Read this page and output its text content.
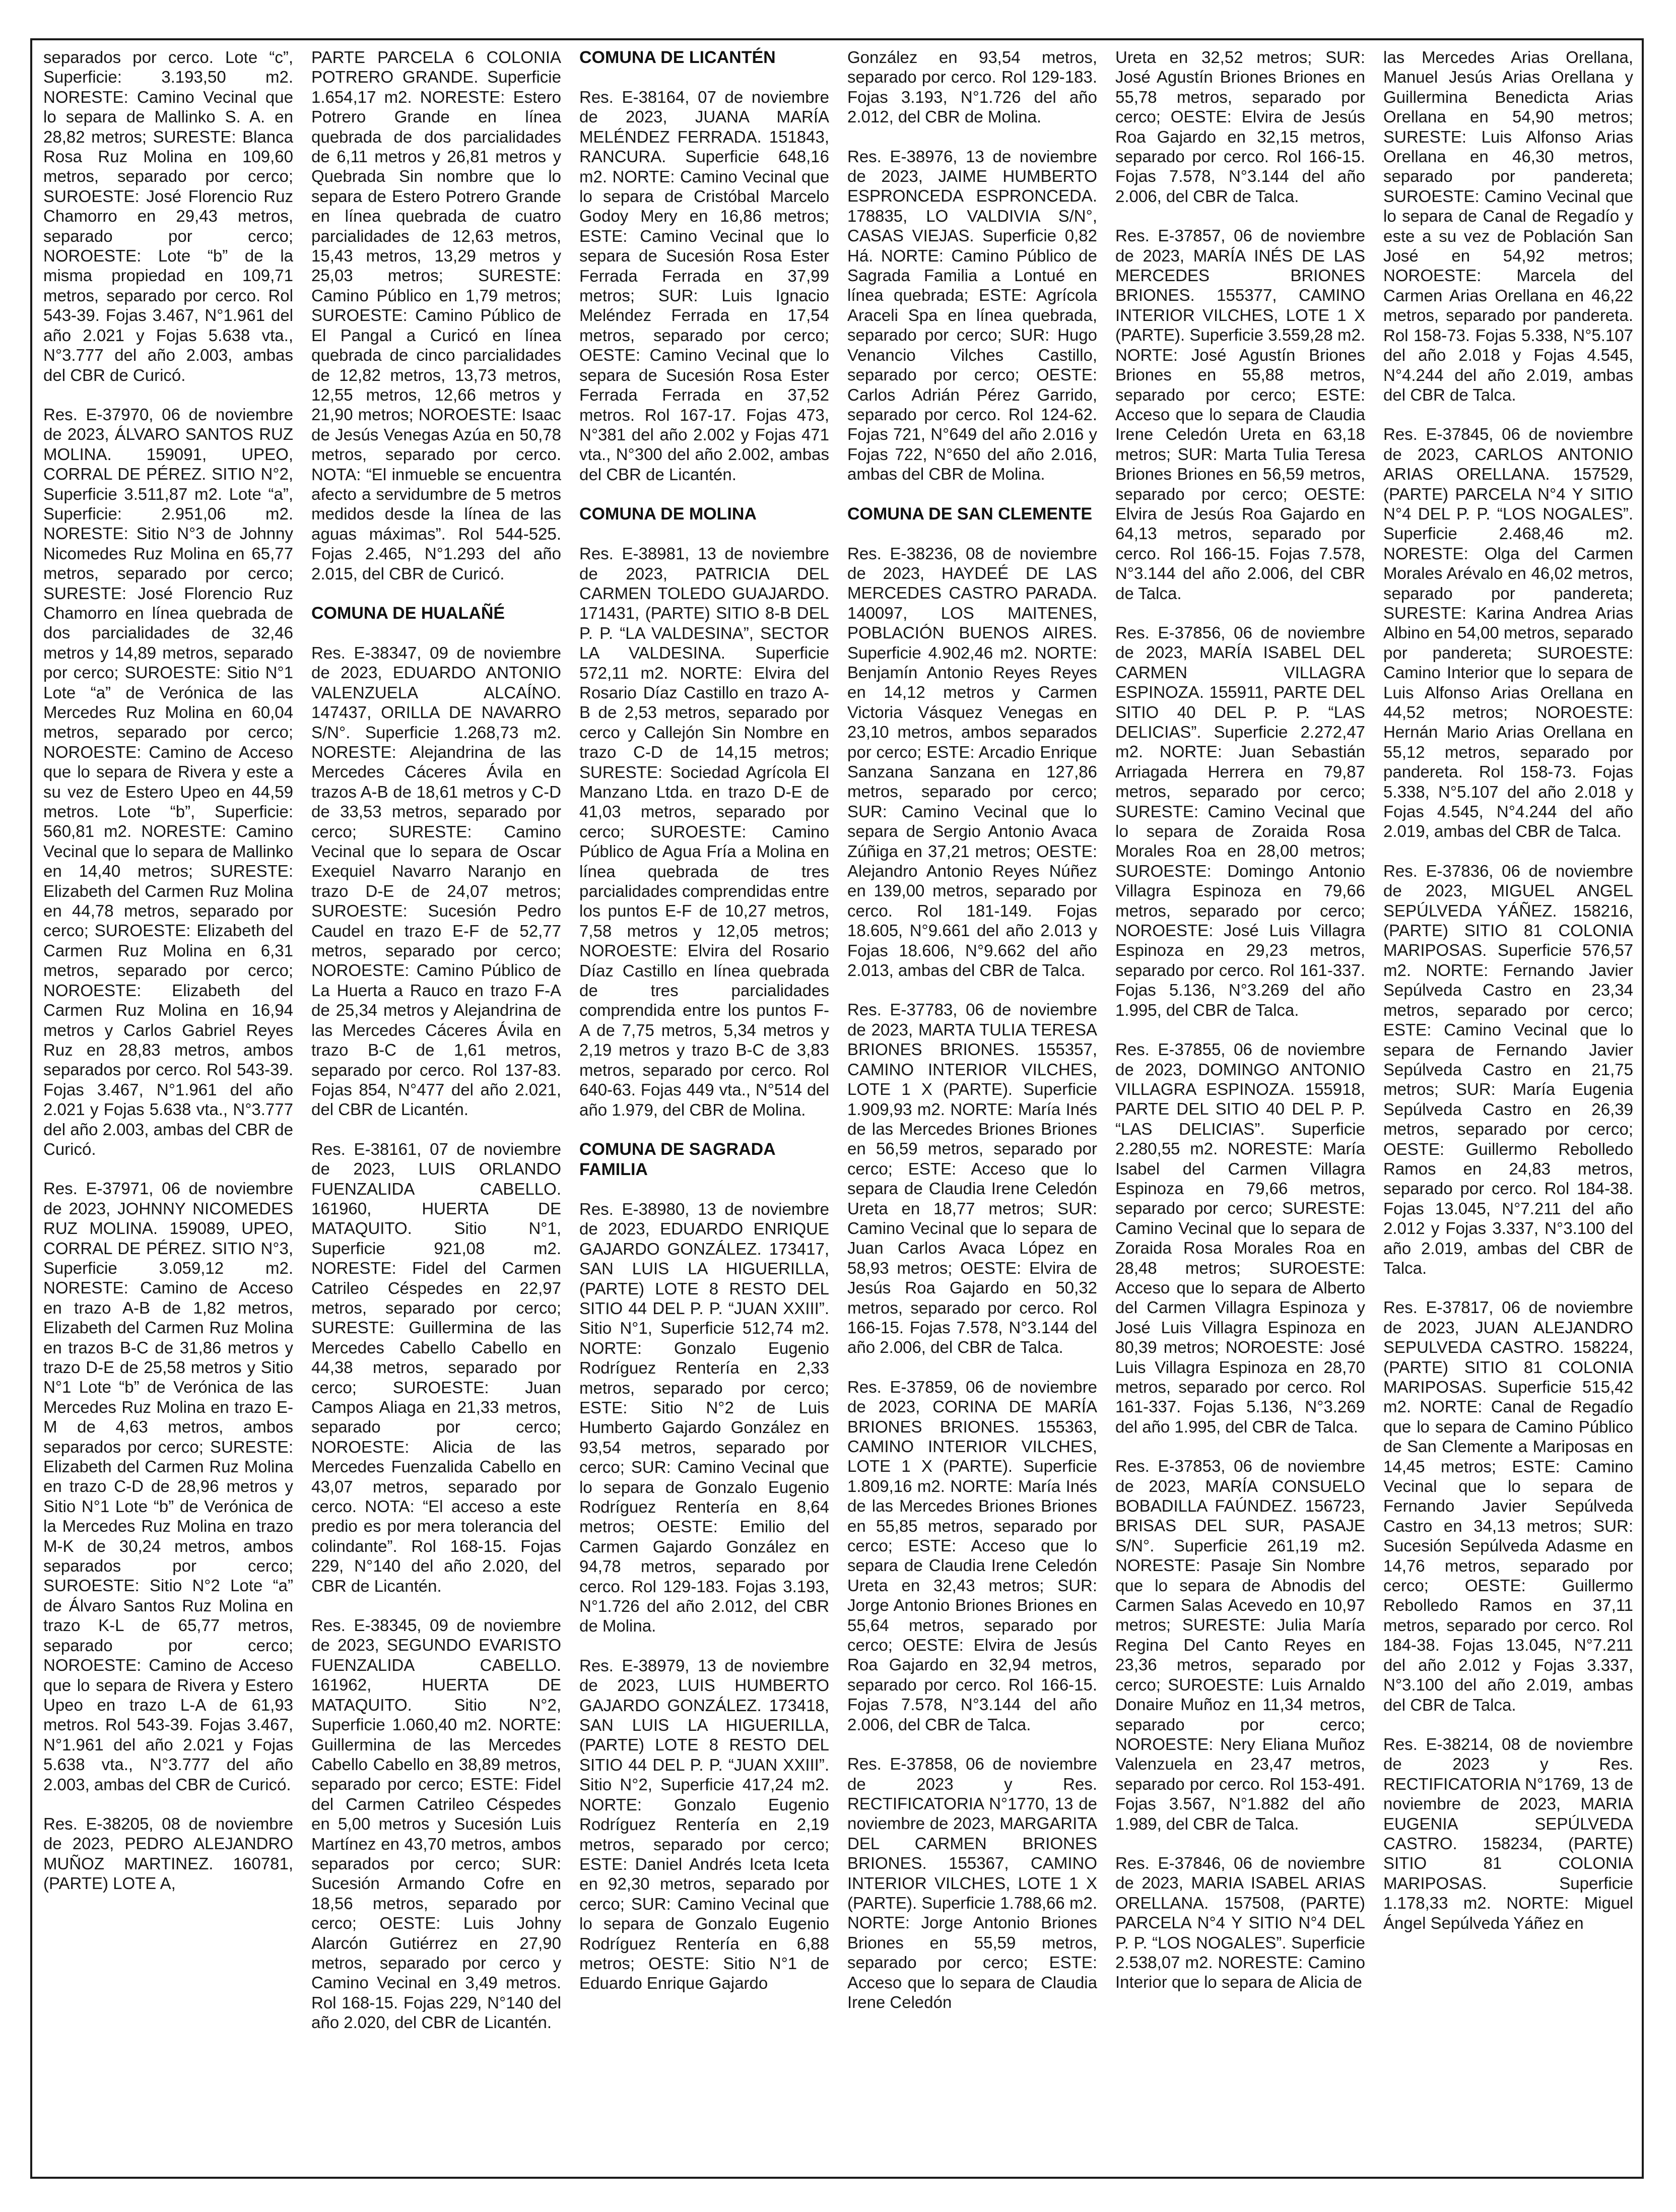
separados por cerco. Lote “c”, Superficie: 3.193,50 m2. NORESTE: Camino Vecinal que lo separa de Mallinko S. A. en 28,82 metros; SURESTE: Blanca Rosa Ruz Molina en 109,60 metros, separado por cerco; SUROESTE: José Florencio Ruz Chamorro en 29,43 metros, separado por cerco; NOROESTE: Lote “b” de la misma propiedad en 109,71 metros, separado por cerco. Rol 543-39. Fojas 3.467, N°1.961 del año 2.021 y Fojas 5.638 vta., N°3.777 del año 2.003, ambas del CBR de Curicó.

Res. E-37970, 06 de noviembre de 2023, ÁLVARO SANTOS RUZ MOLINA. 159091, UPEO, CORRAL DE PÉREZ. SITIO N°2, Superficie 3.511,87 m2. Lote “a”, Superficie: 2.951,06 m2. NORESTE: Sitio N°3 de Johnny Nicomedes Ruz Molina en 65,77 metros, separado por cerco; SURESTE: José Florencio Ruz Chamorro en línea quebrada de dos parcialidades de 32,46 metros y 14,89 metros, separado por cerco; SUROESTE: Sitio N°1 Lote “a” de Verónica de las Mercedes Ruz Molina en 60,04 metros, separado por cerco; NOROESTE: Camino de Acceso que lo separa de Rivera y este a su vez de Estero Upeo en 44,59 metros. Lote “b”, Superficie: 560,81 m2. NORESTE: Camino Vecinal que lo separa de Mallinko en 14,40 metros; SURESTE: Elizabeth del Carmen Ruz Molina en 44,78 metros, separado por cerco; SUROESTE: Elizabeth del Carmen Ruz Molina en 6,31 metros, separado por cerco; NOROESTE: Elizabeth del Carmen Ruz Molina en 16,94 metros y Carlos Gabriel Reyes Ruz en 28,83 metros, ambos separados por cerco. Rol 543-39. Fojas 3.467, N°1.961 del año 2.021 y Fojas 5.638 vta., N°3.777 del año 2.003, ambas del CBR de Curicó.

Res. E-37971, 06 de noviembre de 2023, JOHNNY NICOMEDES RUZ MOLINA. 159089, UPEO, CORRAL DE PÉREZ. SITIO N°3, Superficie 3.059,12 m2. NORESTE: Camino de Acceso en trazo A-B de 1,82 metros, Elizabeth del Carmen Ruz Molina en trazos B-C de 31,86 metros y trazo D-E de 25,58 metros y Sitio N°1 Lote “b” de Verónica de las Mercedes Ruz Molina en trazo E-M de 4,63 metros, ambos separados por cerco; SURESTE: Elizabeth del Carmen Ruz Molina en trazo C-D de 28,96 metros y Sitio N°1 Lote “b” de Verónica de la Mercedes Ruz Molina en trazo M-K de 30,24 metros, ambos separados por cerco; SUROESTE: Sitio N°2 Lote “a” de Álvaro Santos Ruz Molina en trazo K-L de 65,77 metros, separado por cerco; NOROESTE: Camino de Acceso que lo separa de Rivera y Estero Upeo en trazo L-A de 61,93 metros. Rol 543-39. Fojas 3.467, N°1.961 del año 2.021 y Fojas 5.638 vta., N°3.777 del año 2.003, ambas del CBR de Curicó.

Res. E-38205, 08 de noviembre de 2023, PEDRO ALEJANDRO MUÑOZ MARTINEZ. 160781, (PARTE) LOTE A,

PARTE PARCELA 6 COLONIA POTRERO GRANDE. Superficie 1.654,17 m2. NORESTE: Estero Potrero Grande en línea quebrada de dos parcialidades de 6,11 metros y 26,81 metros y Quebrada Sin nombre que lo separa de Estero Potrero Grande en línea quebrada de cuatro parcialidades de 12,63 metros, 15,43 metros, 13,29 metros y 25,03 metros; SURESTE: Camino Público en 1,79 metros; SUROESTE: Camino Público de El Pangal a Curicó en línea quebrada de cinco parcialidades de 12,82 metros, 13,73 metros, 12,55 metros, 12,66 metros y 21,90 metros; NOROESTE: Isaac de Jesús Venegas Azúa en 50,78 metros, separado por cerco. NOTA: “El inmueble se encuentra afecto a servidumbre de 5 metros medidos desde la línea de las aguas máximas”. Rol 544-525. Fojas 2.465, N°1.293 del año 2.015, del CBR de Curicó.

COMUNA DE HUALAÑÉ

Res. E-38347, 09 de noviembre de 2023, EDUARDO ANTONIO VALENZUELA ALCAÍNO. 147437, ORILLA DE NAVARRO S/N°. Superficie 1.268,73 m2. NORESTE: Alejandrina de las Mercedes Cáceres Ávila en trazos A-B de 18,61 metros y C-D de 33,53 metros, separado por cerco; SURESTE: Camino Vecinal que lo separa de Oscar Exequiel Navarro Naranjo en trazo D-E de 24,07 metros; SUROESTE: Sucesión Pedro Caudel en trazo E-F de 52,77 metros, separado por cerco; NOROESTE: Camino Público de La Huerta a Rauco en trazo F-A de 25,34 metros y Alejandrina de las Mercedes Cáceres Ávila en trazo B-C de 1,61 metros, separado por cerco. Rol 137-83. Fojas 854, N°477 del año 2.021, del CBR de Licantén.

Res. E-38161, 07 de noviembre de 2023, LUIS ORLANDO FUENZALIDA CABELLO. 161960, HUERTA DE MATAQUITO. Sitio N°1, Superficie 921,08 m2. NORESTE: Fidel del Carmen Catrileo Céspedes en 22,97 metros, separado por cerco; SURESTE: Guillermina de las Mercedes Cabello Cabello en 44,38 metros, separado por cerco; SUROESTE: Juan Campos Aliaga en 21,33 metros, separado por cerco; NOROESTE: Alicia de las Mercedes Fuenzalida Cabello en 43,07 metros, separado por cerco. NOTA: “El acceso a este predio es por mera tolerancia del colindante”. Rol 168-15. Fojas 229, N°140 del año 2.020, del CBR de Licantén.

Res. E-38345, 09 de noviembre de 2023, SEGUNDO EVARISTO FUENZALIDA CABELLO. 161962, HUERTA DE MATAQUITO. Sitio N°2, Superficie 1.060,40 m2. NORTE: Guillermina de las Mercedes Cabello Cabello en 38,89 metros, separado por cerco; ESTE: Fidel del Carmen Catrileo Céspedes en 5,00 metros y Sucesión Luis Martínez en 43,70 metros, ambos separados por cerco; SUR: Sucesión Armando Cofre en 18,56 metros, separado por cerco; OESTE: Luis Johny Alarcón Gutiérrez en 27,90 metros, separado por cerco y Camino Vecinal en 3,49 metros. Rol 168-15. Fojas 229, N°140 del año 2.020, del CBR de Licantén.

COMUNA DE LICANTÉN

Res. E-38164, 07 de noviembre de 2023, JUANA MARÍA MELÉNDEZ FERRADA. 151843, RANCURA. Superficie 648,16 m2. NORTE: Camino Vecinal que lo separa de Cristóbal Marcelo Godoy Mery en 16,86 metros; ESTE: Camino Vecinal que lo separa de Sucesión Rosa Ester Ferrada Ferrada en 37,99 metros; SUR: Luis Ignacio Meléndez Ferrada en 17,54 metros, separado por cerco; OESTE: Camino Vecinal que lo separa de Sucesión Rosa Ester Ferrada Ferrada en 37,52 metros. Rol 167-17. Fojas 473, N°381 del año 2.002 y Fojas 471 vta., N°300 del año 2.002, ambas del CBR de Licantén.

COMUNA DE MOLINA

Res. E-38981, 13 de noviembre de 2023, PATRICIA DEL CARMEN TOLEDO GUAJARDO. 171431, (PARTE) SITIO 8-B DEL P. P. “LA VALDESINA”, SECTOR LA VALDESINA. Superficie 572,11 m2. NORTE: Elvira del Rosario Díaz Castillo en trazo A-B de 2,53 metros, separado por cerco y Callejón Sin Nombre en trazo C-D de 14,15 metros; SURESTE: Sociedad Agrícola El Manzano Ltda. en trazo D-E de 41,03 metros, separado por cerco; SUROESTE: Camino Público de Agua Fría a Molina en línea quebrada de tres parcialidades comprendidas entre los puntos E-F de 10,27 metros, 7,58 metros y 12,05 metros; NOROESTE: Elvira del Rosario Díaz Castillo en línea quebrada de tres parcialidades comprendida entre los puntos F-A de 7,75 metros, 5,34 metros y 2,19 metros y trazo B-C de 3,83 metros, separado por cerco. Rol 640-63. Fojas 449 vta., N°514 del año 1.979, del CBR de Molina.

COMUNA DE SAGRADA FAMILIA

Res. E-38980, 13 de noviembre de 2023, EDUARDO ENRIQUE GAJARDO GONZÁLEZ. 173417, SAN LUIS LA HIGUERILLA, (PARTE) LOTE 8 RESTO DEL SITIO 44 DEL P. P. “JUAN XXIII”. Sitio N°1, Superficie 512,74 m2. NORTE: Gonzalo Eugenio Rodríguez Rentería en 2,33 metros, separado por cerco; ESTE: Sitio N°2 de Luis Humberto Gajardo González en 93,54 metros, separado por cerco; SUR: Camino Vecinal que lo separa de Gonzalo Eugenio Rodríguez Rentería en 8,64 metros; OESTE: Emilio del Carmen Gajardo González en 94,78 metros, separado por cerco. Rol 129-183. Fojas 3.193, N°1.726 del año 2.012, del CBR de Molina.

Res. E-38979, 13 de noviembre de 2023, LUIS HUMBERTO GAJARDO GONZÁLEZ. 173418, SAN LUIS LA HIGUERILLA, (PARTE) LOTE 8 RESTO DEL SITIO 44 DEL P. P. “JUAN XXIII”. Sitio N°2, Superficie 417,24 m2. NORTE: Gonzalo Eugenio Rodríguez Rentería en 2,19 metros, separado por cerco; ESTE: Daniel Andrés Iceta Iceta en 92,30 metros, separado por cerco; SUR: Camino Vecinal que lo separa de Gonzalo Eugenio Rodríguez Rentería en 6,88 metros; OESTE: Sitio N°1 de Eduardo Enrique Gajardo

González en 93,54 metros, separado por cerco. Rol 129-183. Fojas 3.193, N°1.726 del año 2.012, del CBR de Molina.

Res. E-38976, 13 de noviembre de 2023, JAIME HUMBERTO ESPRONCEDA ESPRONCEDA. 178835, LO VALDIVIA S/N°, CASAS VIEJAS. Superficie 0,82 Há. NORTE: Camino Público de Sagrada Familia a Lontué en línea quebrada; ESTE: Agrícola Araceli Spa en línea quebrada, separado por cerco; SUR: Hugo Venancio Vilches Castillo, separado por cerco; OESTE: Carlos Adrián Pérez Garrido, separado por cerco. Rol 124-62. Fojas 721, N°649 del año 2.016 y Fojas 722, N°650 del año 2.016, ambas del CBR de Molina.

COMUNA DE SAN CLEMENTE

Res. E-38236, 08 de noviembre de 2023, HAYDEÉ DE LAS MERCEDES CASTRO PARADA. 140097, LOS MAITENES, POBLACIÓN BUENOS AIRES. Superficie 4.902,46 m2. NORTE: Benjamín Antonio Reyes Reyes en 14,12 metros y Carmen Victoria Vásquez Venegas en 23,10 metros, ambos separados por cerco; ESTE: Arcadio Enrique Sanzana Sanzana en 127,86 metros, separado por cerco; SUR: Camino Vecinal que lo separa de Sergio Antonio Avaca Zúñiga en 37,21 metros; OESTE: Alejandro Antonio Reyes Núñez en 139,00 metros, separado por cerco. Rol 181-149. Fojas 18.605, N°9.661 del año 2.013 y Fojas 18.606, N°9.662 del año 2.013, ambas del CBR de Talca.

Res. E-37783, 06 de noviembre de 2023, MARTA TULIA TERESA BRIONES BRIONES. 155357, CAMINO INTERIOR VILCHES, LOTE 1 X (PARTE). Superficie 1.909,93 m2. NORTE: María Inés de las Mercedes Briones Briones en 56,59 metros, separado por cerco; ESTE: Acceso que lo separa de Claudia Irene Celedón Ureta en 18,77 metros; SUR: Camino Vecinal que lo separa de Juan Carlos Avaca López en 58,93 metros; OESTE: Elvira de Jesús Roa Gajardo en 50,32 metros, separado por cerco. Rol 166-15. Fojas 7.578, N°3.144 del año 2.006, del CBR de Talca.

Res. E-37859, 06 de noviembre de 2023, CORINA DE MARÍA BRIONES BRIONES. 155363, CAMINO INTERIOR VILCHES, LOTE 1 X (PARTE). Superficie 1.809,16 m2. NORTE: María Inés de las Mercedes Briones Briones en 55,85 metros, separado por cerco; ESTE: Acceso que lo separa de Claudia Irene Celedón Ureta en 32,43 metros; SUR: Jorge Antonio Briones Briones en 55,64 metros, separado por cerco; OESTE: Elvira de Jesús Roa Gajardo en 32,94 metros, separado por cerco. Rol 166-15. Fojas 7.578, N°3.144 del año 2.006, del CBR de Talca.

Res. E-37858, 06 de noviembre de 2023 y Res. RECTIFICATORIA N°1770, 13 de noviembre de 2023, MARGARITA DEL CARMEN BRIONES BRIONES. 155367, CAMINO INTERIOR VILCHES, LOTE 1 X (PARTE). Superficie 1.788,66 m2. NORTE: Jorge Antonio Briones Briones en 55,59 metros, separado por cerco; ESTE: Acceso que lo separa de Claudia Irene Celedón

Ureta en 32,52 metros; SUR: José Agustín Briones Briones en 55,78 metros, separado por cerco; OESTE: Elvira de Jesús Roa Gajardo en 32,15 metros, separado por cerco. Rol 166-15. Fojas 7.578, N°3.144 del año 2.006, del CBR de Talca.

Res. E-37857, 06 de noviembre de 2023, MARÍA INÉS DE LAS MERCEDES BRIONES BRIONES. 155377, CAMINO INTERIOR VILCHES, LOTE 1 X (PARTE). Superficie 3.559,28 m2. NORTE: José Agustín Briones Briones en 55,88 metros, separado por cerco; ESTE: Acceso que lo separa de Claudia Irene Celedón Ureta en 63,18 metros; SUR: Marta Tulia Teresa Briones Briones en 56,59 metros, separado por cerco; OESTE: Elvira de Jesús Roa Gajardo en 64,13 metros, separado por cerco. Rol 166-15. Fojas 7.578, N°3.144 del año 2.006, del CBR de Talca.

Res. E-37856, 06 de noviembre de 2023, MARÍA ISABEL DEL CARMEN VILLAGRA ESPINOZA. 155911, PARTE DEL SITIO 40 DEL P. P. “LAS DELICIAS”. Superficie 2.272,47 m2. NORTE: Juan Sebastián Arriagada Herrera en 79,87 metros, separado por cerco; SURESTE: Camino Vecinal que lo separa de Zoraida Rosa Morales Roa en 28,00 metros; SUROESTE: Domingo Antonio Villagra Espinoza en 79,66 metros, separado por cerco; NOROESTE: José Luis Villagra Espinoza en 29,23 metros, separado por cerco. Rol 161-337. Fojas 5.136, N°3.269 del año 1.995, del CBR de Talca.

Res. E-37855, 06 de noviembre de 2023, DOMINGO ANTONIO VILLAGRA ESPINOZA. 155918, PARTE DEL SITIO 40 DEL P. P. “LAS DELICIAS”. Superficie 2.280,55 m2. NORESTE: María Isabel del Carmen Villagra Espinoza en 79,66 metros, separado por cerco; SURESTE: Camino Vecinal que lo separa de Zoraida Rosa Morales Roa en 28,48 metros; SUROESTE: Acceso que lo separa de Alberto del Carmen Villagra Espinoza y José Luis Villagra Espinoza en 80,39 metros; NOROESTE: José Luis Villagra Espinoza en 28,70 metros, separado por cerco. Rol 161-337. Fojas 5.136, N°3.269 del año 1.995, del CBR de Talca.

Res. E-37853, 06 de noviembre de 2023, MARÍA CONSUELO BOBADILLA FAÚNDEZ. 156723, BRISAS DEL SUR, PASAJE S/N°. Superficie 261,19 m2. NORESTE: Pasaje Sin Nombre que lo separa de Abnodis del Carmen Salas Acevedo en 10,97 metros; SURESTE: Julia María Regina Del Canto Reyes en 23,36 metros, separado por cerco; SUROESTE: Luis Arnaldo Donaire Muñoz en 11,34 metros, separado por cerco; NOROESTE: Nery Eliana Muñoz Valenzuela en 23,47 metros, separado por cerco. Rol 153-491. Fojas 3.567, N°1.882 del año 1.989, del CBR de Talca.

Res. E-37846, 06 de noviembre de 2023, MARIA ISABEL ARIAS ORELLANA. 157508, (PARTE) PARCELA N°4 Y SITIO N°4 DEL P. P. “LOS NOGALES”. Superficie 2.538,07 m2. NORESTE: Camino Interior que lo separa de Alicia de

las Mercedes Arias Orellana, Manuel Jesús Arias Orellana y Guillermina Benedicta Arias Orellana en 54,90 metros; SURESTE: Luis Alfonso Arias Orellana en 46,30 metros, separado por pandereta; SUROESTE: Camino Vecinal que lo separa de Canal de Regadío y este a su vez de Población San José en 54,92 metros; NOROESTE: Marcela del Carmen Arias Orellana en 46,22 metros, separado por pandereta. Rol 158-73. Fojas 5.338, N°5.107 del año 2.018 y Fojas 4.545, N°4.244 del año 2.019, ambas del CBR de Talca.

Res. E-37845, 06 de noviembre de 2023, CARLOS ANTONIO ARIAS ORELLANA. 157529, (PARTE) PARCELA N°4 Y SITIO N°4 DEL P. P. “LOS NOGALES”. Superficie 2.468,46 m2. NORESTE: Olga del Carmen Morales Arévalo en 46,02 metros, separado por pandereta; SURESTE: Karina Andrea Arias Albino en 54,00 metros, separado por pandereta; SUROESTE: Camino Interior que lo separa de Luis Alfonso Arias Orellana en 44,52 metros; NOROESTE: Hernán Mario Arias Orellana en 55,12 metros, separado por pandereta. Rol 158-73. Fojas 5.338, N°5.107 del año 2.018 y Fojas 4.545, N°4.244 del año 2.019, ambas del CBR de Talca.

Res. E-37836, 06 de noviembre de 2023, MIGUEL ANGEL SEPÚLVEDA YÁÑEZ. 158216, (PARTE) SITIO 81 COLONIA MARIPOSAS. Superficie 576,57 m2. NORTE: Fernando Javier Sepúlveda Castro en 23,34 metros, separado por cerco; ESTE: Camino Vecinal que lo separa de Fernando Javier Sepúlveda Castro en 21,75 metros; SUR: María Eugenia Sepúlveda Castro en 26,39 metros, separado por cerco; OESTE: Guillermo Rebolledo Ramos en 24,83 metros, separado por cerco. Rol 184-38. Fojas 13.045, N°7.211 del año 2.012 y Fojas 3.337, N°3.100 del año 2.019, ambas del CBR de Talca.

Res. E-37817, 06 de noviembre de 2023, JUAN ALEJANDRO SEPULVEDA CASTRO. 158224, (PARTE) SITIO 81 COLONIA MARIPOSAS. Superficie 515,42 m2. NORTE: Canal de Regadío que lo separa de Camino Público de San Clemente a Mariposas en 14,45 metros; ESTE: Camino Vecinal que lo separa de Fernando Javier Sepúlveda Castro en 34,13 metros; SUR: Sucesión Sepúlveda Adasme en 14,76 metros, separado por cerco; OESTE: Guillermo Rebolledo Ramos en 37,11 metros, separado por cerco. Rol 184-38. Fojas 13.045, N°7.211 del año 2.012 y Fojas 3.337, N°3.100 del año 2.019, ambas del CBR de Talca.

Res. E-38214, 08 de noviembre de 2023 y Res. RECTIFICATORIA N°1769, 13 de noviembre de 2023, MARIA EUGENIA SEPÚLVEDA CASTRO. 158234, (PARTE) SITIO 81 COLONIA MARIPOSAS. Superficie 1.178,33 m2. NORTE: Miguel Ángel Sepúlveda Yáñez en
